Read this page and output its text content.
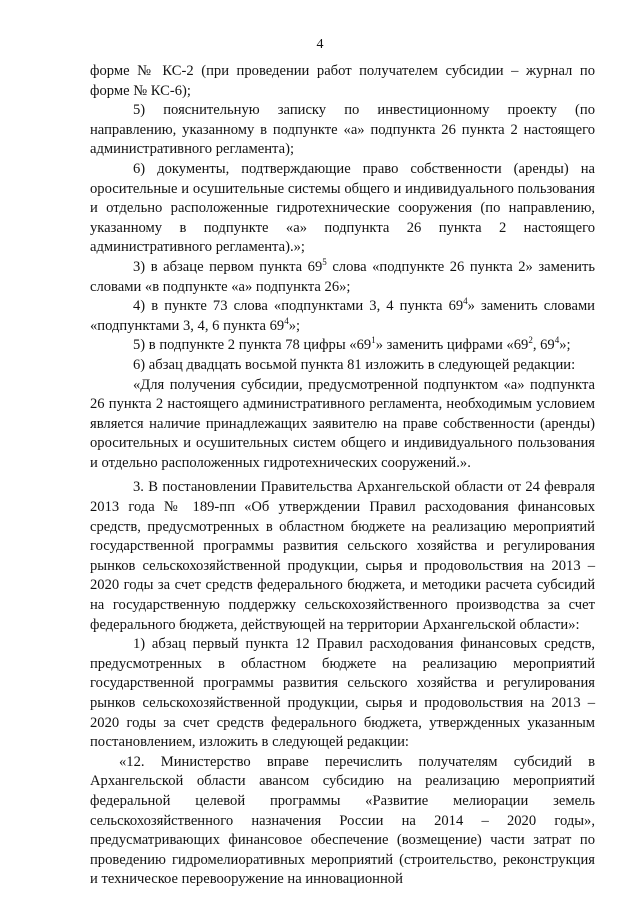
4

форме № КС-2 (при проведении работ получателем субсидии – журнал по форме № КС-6);

5) пояснительную записку по инвестиционному проекту (по направлению, указанному в подпункте «а» подпункта 26 пункта 2 настоящего административного регламента);

6) документы, подтверждающие право собственности (аренды) на оросительные и осушительные системы общего и индивидуального пользования и отдельно расположенные гидротехнические сооружения (по направлению, указанному в подпункте «а» подпункта 26 пункта 2 настоящего административного регламента).»;

3) в абзаце первом пункта $69^5$ слова «подпункте 26 пункта 2» заменить словами «в подпункте «а» подпункта 26»;

4) в пункте 73 слова «подпунктами 3, 4 пункта $69^4$» заменить словами «подпунктами 3, 4, 6 пункта $69^4$»;

5) в подпункте 2 пункта 78 цифры «$69^1$» заменить цифрами «$69^2$, $69^4$»;

6) абзац двадцать восьмой пункта 81 изложить в следующей редакции:

«Для получения субсидии, предусмотренной подпунктом «а» подпункта 26 пункта 2 настоящего административного регламента, необходимым условием является наличие принадлежащих заявителю на праве собственности (аренды) оросительных и осушительных систем общего и индивидуального пользования и отдельно расположенных гидротехнических сооружений.».

3. В постановлении Правительства Архангельской области от 24 февраля 2013 года № 189-пп «Об утверждении Правил расходования финансовых средств, предусмотренных в областном бюджете на реализацию мероприятий государственной программы развития сельского хозяйства и регулирования рынков сельскохозяйственной продукции, сырья и продовольствия на 2013 – 2020 годы за счет средств федерального бюджета, и методики расчета субсидий на государственную поддержку сельскохозяйственного производства за счет федерального бюджета, действующей на территории Архангельской области»:

1) абзац первый пункта 12 Правил расходования финансовых средств, предусмотренных в областном бюджете на реализацию мероприятий государственной программы развития сельского хозяйства и регулирования рынков сельскохозяйственной продукции, сырья и продовольствия на 2013 – 2020 годы за счет средств федерального бюджета, утвержденных указанным постановлением, изложить в следующей редакции:

«12. Министерство вправе перечислить получателям субсидий в Архангельской области авансом субсидию на реализацию мероприятий федеральной целевой программы «Развитие мелиорации земель сельскохозяйственного назначения России на 2014 – 2020 годы», предусматривающих финансовое обеспечение (возмещение) части затрат по проведению гидромелиоративных мероприятий (строительство, реконструкция и техническое перевооружение на инновационной
